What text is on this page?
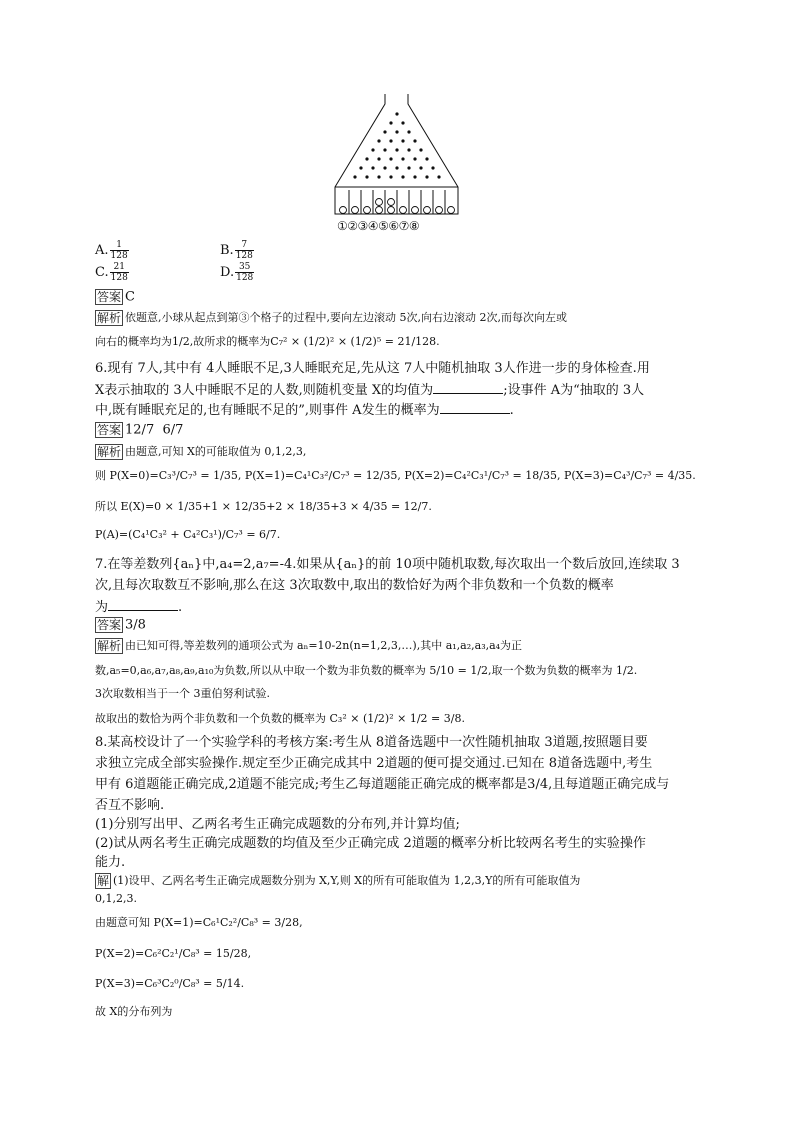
①②③④⑤⑥⑦⑧
A. $\frac{1}{128}$	B. $\frac{7}{128}$
C. $\frac{21}{128}$	D. $\frac{35}{128}$
答案 C
解析 依题意,小球从起点到第③个格子的过程中,要向左边滚动 5次,向右边滚动 2次,而每次向左或
向右的概率均为1/2,故所求的概率为C₇² × (1/2)² × (1/2)⁵ = 21/128.
6.现有 7人,其中有 4人睡眠不足,3人睡眠充足,先从这 7人中随机抽取 3人作进一步的身体检查.用
X表示抽取的 3人中睡眠不足的人数,则随机变量 X的均值为	;设事件 A为“抽取的 3人
中,既有睡眠充足的,也有睡眠不足的”,则事件 A发生的概率为	.
答案 12/7 6/7
解析 由题意,可知 X的可能取值为 0,1,2,3,
则 P(X=0)=C₃³/C₇³ = 1/35, P(X=1)=C₄¹C₃²/C₇³ = 12/35, P(X=2)=C₄²C₃¹/C₇³ = 18/35, P(X=3)=C₄³/C₇³ = 4/35.
所以 E(X)=0 × 1/35+1 × 12/35+2 × 18/35+3 × 4/35 = 12/7.
P(A)=(C₄¹C₃² + C₄²C₃¹)/C₇³ = 6/7.
7.在等差数列{aₙ}中,a₄=2,a₇=-4.如果从{aₙ}的前 10项中随机取数,每次取出一个数后放回,连续取 3
次,且每次取数互不影响,那么在这 3次取数中,取出的数恰好为两个非负数和一个负数的概率
为	.
答案 3/8
解析 由已知可得,等差数列的通项公式为 aₙ=10-2n(n=1,2,3,…),其中 a₁,a₂,a₃,a₄为正
数,a₅=0,a₆,a₇,a₈,a₉,a₁₀为负数,所以从中取一个数为非负数的概率为 5/10 = 1/2,取一个数为负数的概率为 1/2.
3次取数相当于一个 3重伯努利试验.
故取出的数恰为两个非负数和一个负数的概率为 C₃² × (1/2)² × 1/2 = 3/8.
8.某高校设计了一个实验学科的考核方案:考生从 8道备选题中一次性随机抽取 3道题,按照题目要
求独立完成全部实验操作.规定至少正确完成其中 2道题的便可提交通过.已知在 8道备选题中,考生
甲有 6道题能正确完成,2道题不能完成;考生乙每道题能正确完成的概率都是3/4,且每道题正确完成与
否互不影响.
(1)分别写出甲、乙两名考生正确完成题数的分布列,并计算均值;
(2)试从两名考生正确完成题数的均值及至少正确完成 2道题的概率分析比较两名考生的实验操作
能力.
解 (1)设甲、乙两名考生正确完成题数分别为 X,Y,则 X的所有可能取值为 1,2,3,Y的所有可能取值为
0,1,2,3.
由题意可知 P(X=1)=C₆¹C₂²/C₈³ = 3/28,
P(X=2)=C₆²C₂¹/C₈³ = 15/28,
P(X=3)=C₆³C₂⁰/C₈³ = 5/14.
故 X的分布列为
